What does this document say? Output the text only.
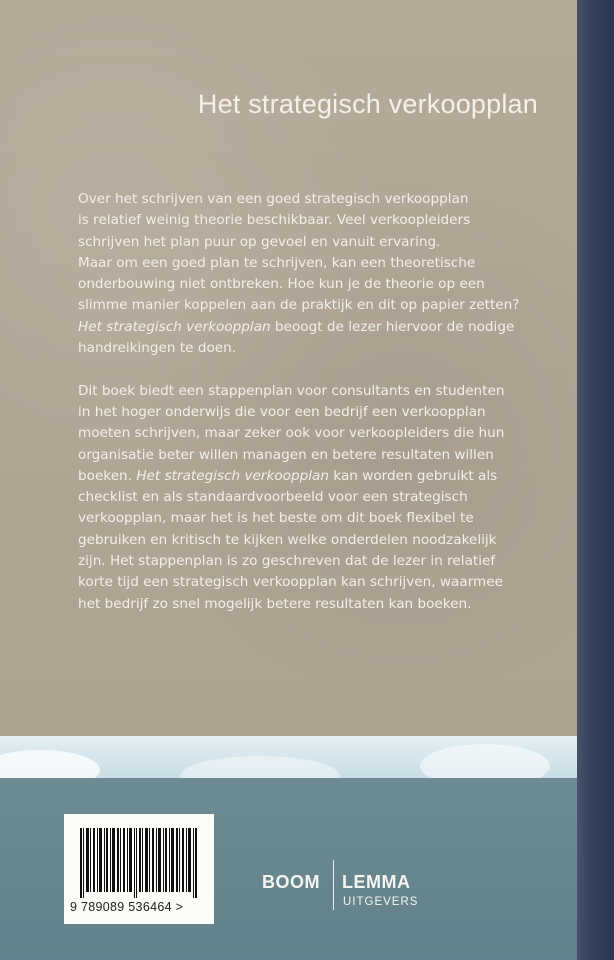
Het strategisch verkoopplan
Over het schrijven van een goed strategisch verkoopplan
is relatief weinig theorie beschikbaar. Veel verkoopleiders
schrijven het plan puur op gevoel en vanuit ervaring.
Maar om een goed plan te schrijven, kan een theoretische
onderbouwing niet ontbreken. Hoe kun je de theorie op een
slimme manier koppelen aan de praktijk en dit op papier zetten?
Het strategisch verkoopplan beoogt de lezer hiervoor de nodige
handreikingen te doen.
Dit boek biedt een stappenplan voor consultants en studenten
in het hoger onderwijs die voor een bedrijf een verkoopplan
moeten schrijven, maar zeker ook voor verkoopleiders die hun
organisatie beter willen managen en betere resultaten willen
boeken. Het strategisch verkoopplan kan worden gebruikt als
checklist en als standaardvoorbeeld voor een strategisch
verkoopplan, maar het is het beste om dit boek flexibel te
gebruiken en kritisch te kijken welke onderdelen noodzakelijk
zijn. Het stappenplan is zo geschreven dat de lezer in relatief
korte tijd een strategisch verkoopplan kan schrijven, waarmee
het bedrijf zo snel mogelijk betere resultaten kan boeken.
9 789089 536464 >
BOOM LEMMA
UITGEVERS
